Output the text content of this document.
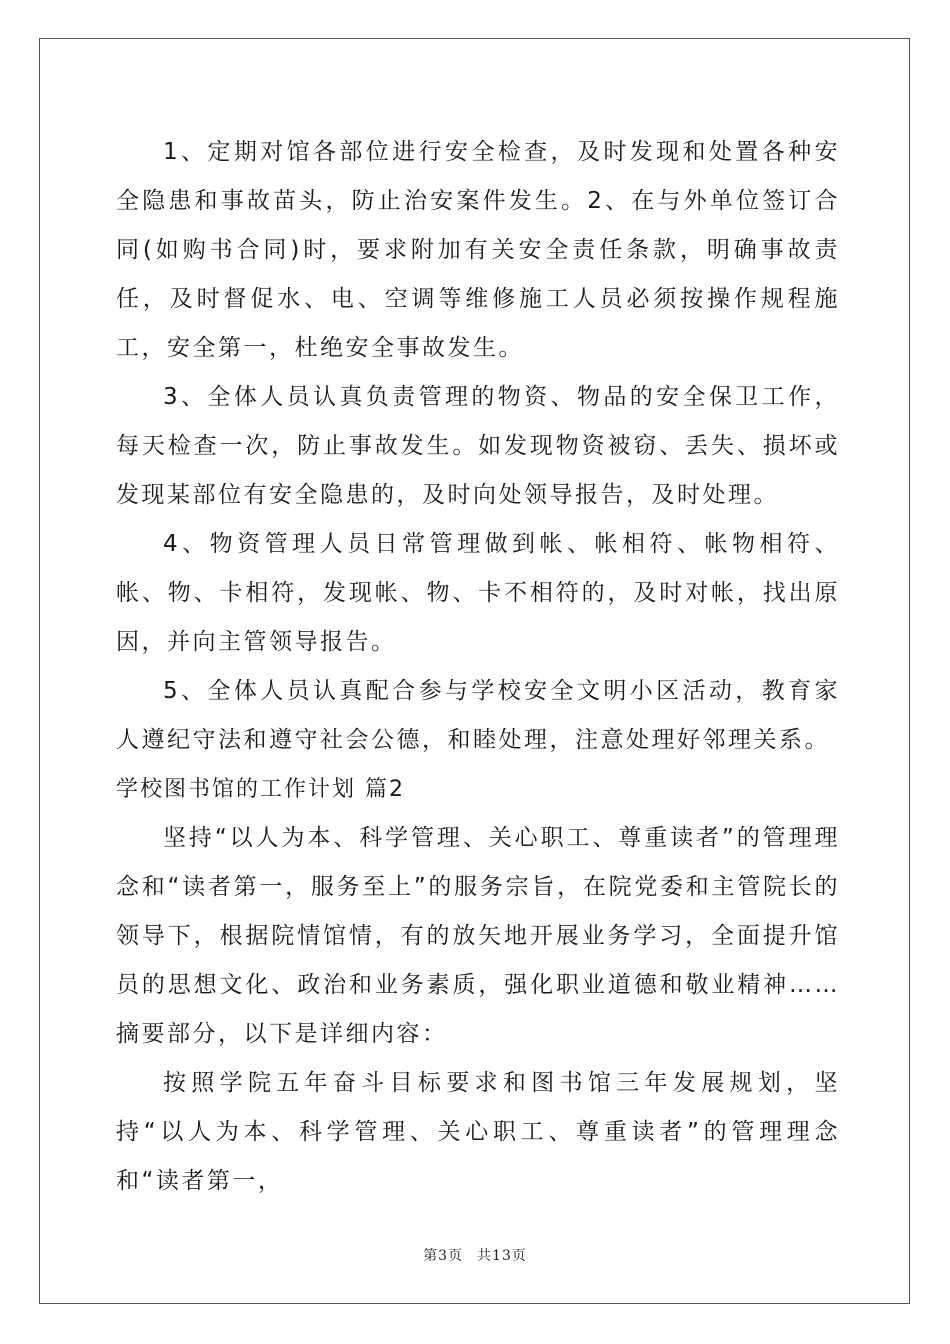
1、定期对馆各部位进行安全检查，及时发现和处置各种安全隐患和事故苗头，防止治安案件发生。2、在与外单位签订合同(如购书合同)时，要求附加有关安全责任条款，明确事故责任，及时督促水、电、空调等维修施工人员必须按操作规程施工，安全第一，杜绝安全事故发生。

3、全体人员认真负责管理的物资、物品的安全保卫工作，每天检查一次，防止事故发生。如发现物资被窃、丢失、损坏或发现某部位有安全隐患的，及时向处领导报告，及时处理。

4、物资管理人员日常管理做到帐、帐相符、帐物相符、帐、物、卡相符，发现帐、物、卡不相符的，及时对帐，找出原因，并向主管领导报告。

5、全体人员认真配合参与学校安全文明小区活动，教育家人遵纪守法和遵守社会公德，和睦处理，注意处理好邻理关系。

学校图书馆的工作计划 篇2

坚持“以人为本、科学管理、关心职工、尊重读者”的管理理念和“读者第一，服务至上”的服务宗旨，在院党委和主管院长的领导下，根据院情馆情，有的放矢地开展业务学习，全面提升馆员的思想文化、政治和业务素质，强化职业道德和敬业精神……摘要部分，以下是详细内容：

按照学院五年奋斗目标要求和图书馆三年发展规划，坚持“以人为本、科学管理、关心职工、尊重读者”的管理理念和“读者第一，

第3页 共13页
